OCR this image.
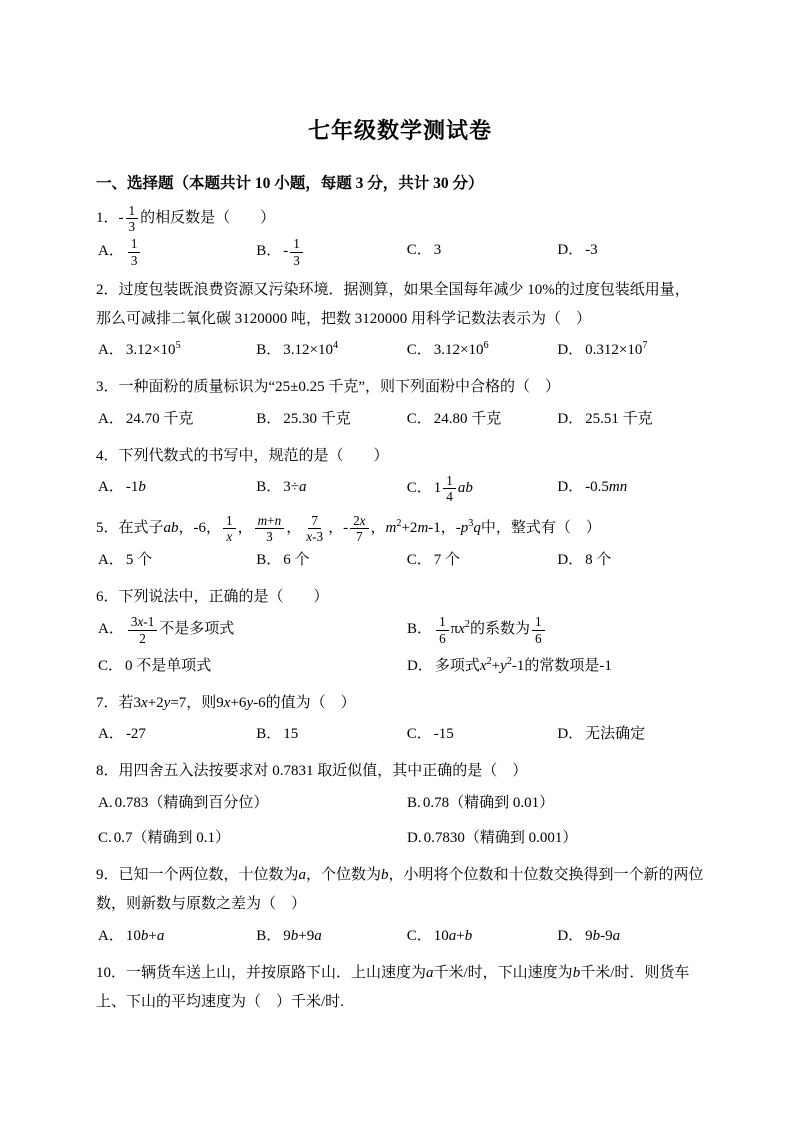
七年级数学测试卷
一、选择题（本题共计 10 小题，每题 3 分，共计 30 分）
1．- $\frac{1}{3}$ 的相反数是（　　）
A． $\frac{1}{3}$	B． - $\frac{1}{3}$	C． 3	D． -3
2．过度包装既浪费资源又污染环境．据测算，如果全国每年减少 10%的过度包装纸用量，那么可减排二氧化碳 3120000 吨，把数 3120000 用科学记数法表示为（　）
A． $3.12\times 10^5$	B． $3.12\times 10^4$	C． $3.12\times 10^6$	D． $0.312\times 10^7$
3．一种面粉的质量标识为“25±0.25 千克”，则下列面粉中合格的（　）
A． 24.70 千克	B． 25.30 千克	C． 24.80 千克	D． 25.51 千克
4．下列代数式的书写中，规范的是（　　）
A． -1b	B． 3÷a	C． $1 \frac{1}{4}$ ab	D． -0.5mn
5．在式子ab，-6， $\frac{1}{x}$ ， $\frac{m+n}{3}$ ， $\frac{7}{x-3}$ ，- $\frac{2x}{7}$ ，$m^2+2m-1$，$-p^3q$中，整式有（　）
A． 5 个	B． 6 个	C． 7 个	D． 8 个
6．下列说法中，正确的是（　　）
A． $\frac{3x-1}{2}$ 不是多项式	B． $\frac{1}{6} \pi x^2$的系数为 $\frac{1}{6}$
C． 0 不是单项式	D． 多项式$x^2+y^2-1$的常数项是-1
7．若3x+2y=7，则9x+6y-6的值为（　）
A． -27	B． 15	C． -15	D． 无法确定
8．用四舍五入法按要求对 0.7831 取近似值，其中正确的是（　）
A. 0.783（精确到百分位）	B. 0.78（精确到 0.01）
C. 0.7（精确到 0.1）	D. 0.7830（精确到 0.001）
9．已知一个两位数，十位数为a，个位数为b，小明将个位数和十位数交换得到一个新的两位数，则新数与原数之差为（　）
A． 10b+a	B． 9b+9a	C． 10a+b	D． 9b-9a
10．一辆货车送上山，并按原路下山．上山速度为a千米/时，下山速度为b千米/时．则货车上、下山的平均速度为（　）千米/时.
